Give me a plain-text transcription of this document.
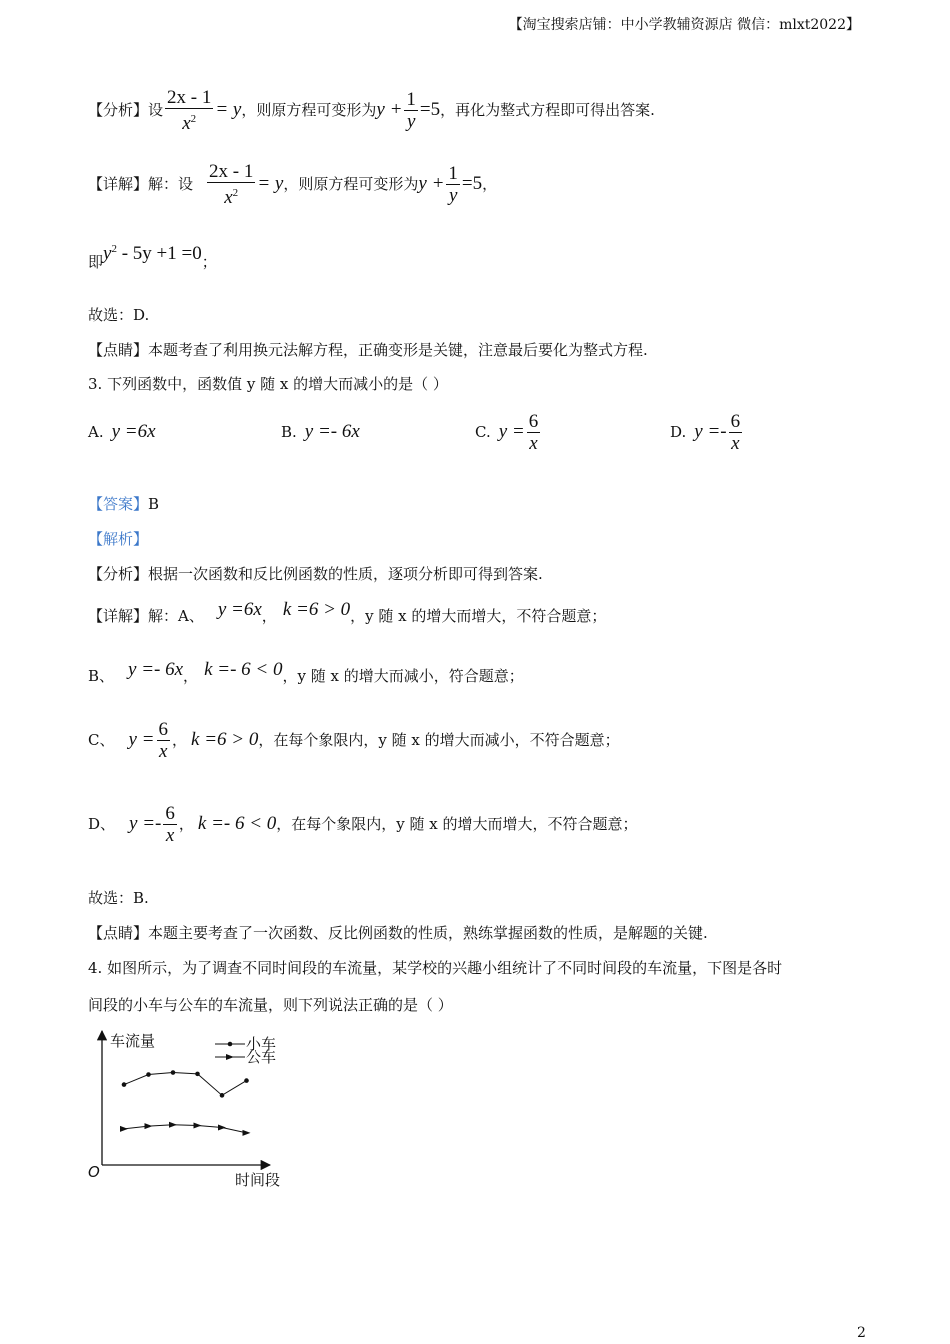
【淘宝搜索店铺：中小学教辅资源店 微信：mlxt2022】
【分析】 设 $\frac{2x - 1}{x^2} = y$ ，则原方程可变形为 $y + \frac{1}{y} =5$ ，再化为整式方程即可得出答案.
【详解】 解：设 $\frac{2x - 1}{x^2} = y$ ，则原方程可变形为 $y + \frac{1}{y} =5$ ，
即 $y^2 - 5y +1 =0$ ；
故选：D.
【点睛】本题考查了利用换元法解方程，正确变形是关键，注意最后要化为整式方程.
3. 下列函数中，函数值 y 随 x 的增大而减小的是（ ）
A. y =6x	B. y =- 6x	C. $y = \frac{6}{x}$	D. $y =- \frac{6}{x}$
【答案】B
【解析】
【分析】根据一次函数和反比例函数的性质，逐项分析即可得到答案.
【详解】 解：A、 y =6x ， k =6 > 0 ，y 随 x 的增大而增大，不符合题意；
B、 y =- 6x ， k =- 6 < 0 ，y 随 x 的增大而减小，符合题意；
C、 $y = \frac{6}{x}$ ， k =6 > 0 ，在每个象限内，y 随 x 的增大而减小，不符合题意；
D、 $y =- \frac{6}{x}$ ， k =- 6 < 0 ，在每个象限内，y 随 x 的增大而增大，不符合题意；
故选：B.
【点睛】本题主要考查了一次函数、反比例函数的性质，熟练掌握函数的性质，是解题的关键.
4. 如图所示，为了调查不同时间段的车流量，某学校的兴趣小组统计了不同时间段的车流量，下图是各时
间段的小车与公车的车流量，则下列说法正确的是（ ）
车流量
时间段
O
小车
公车
2
